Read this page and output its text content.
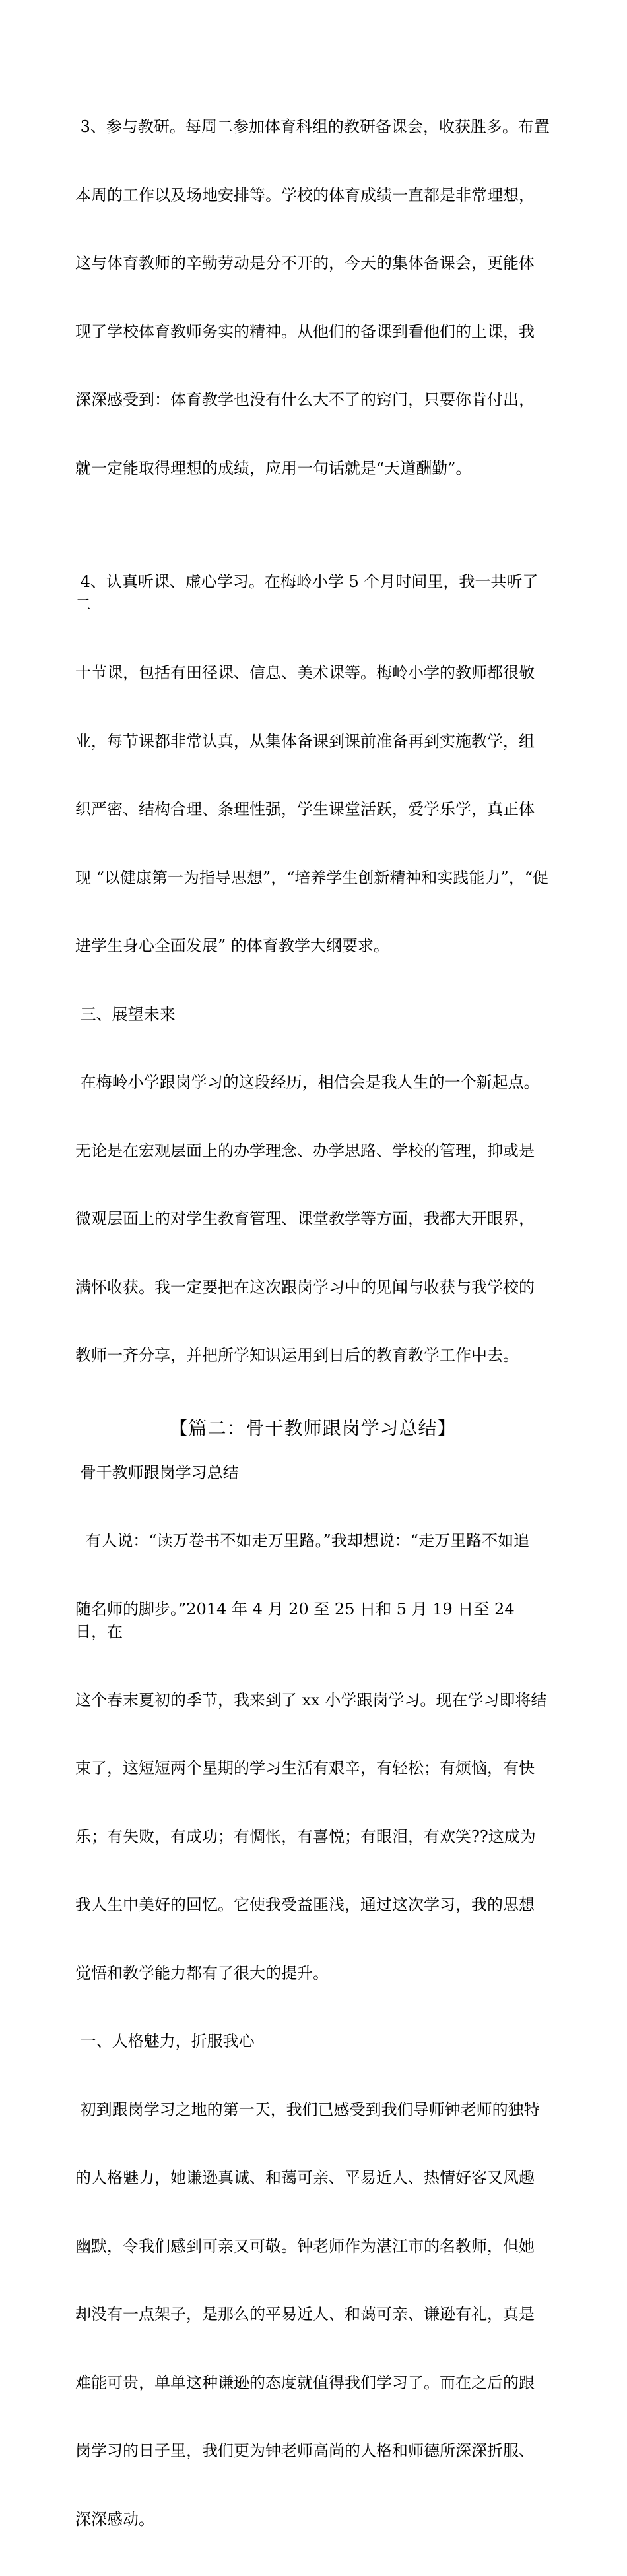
3、参与教研。每周二参加体育科组的教研备课会，收获胜多。布置

本周的工作以及场地安排等。学校的体育成绩一直都是非常理想，

这与体育教师的辛勤劳动是分不开的，今天的集体备课会，更能体

现了学校体育教师务实的精神。从他们的备课到看他们的上课，我

深深感受到：体育教学也没有什么大不了的窍门，只要你肯付出，

就一定能取得理想的成绩，应用一句话就是“天道酬勤”。

4、认真听课、虚心学习。在梅岭小学 5 个月时间里，我一共听了二

十节课，包括有田径课、信息、美术课等。梅岭小学的教师都很敬

业，每节课都非常认真，从集体备课到课前准备再到实施教学，组

织严密、结构合理、条理性强，学生课堂活跃，爱学乐学，真正体

现 “以健康第一为指导思想”，“培养学生创新精神和实践能力”，“促

进学生身心全面发展” 的体育教学大纲要求。

三、展望未来

在梅岭小学跟岗学习的这段经历，相信会是我人生的一个新起点。

无论是在宏观层面上的办学理念、办学思路、学校的管理，抑或是

微观层面上的对学生教育管理、课堂教学等方面，我都大开眼界，

满怀收获。我一定要把在这次跟岗学习中的见闻与收获与我学校的

教师一齐分享，并把所学知识运用到日后的教育教学工作中去。

【篇二：骨干教师跟岗学习总结】
骨干教师跟岗学习总结

有人说：“读万卷书不如走万里路。”我却想说：“走万里路不如追

随名师的脚步。”2014 年 4 月 20 至 25 日和 5 月 19 日至 24 日，在

这个春末夏初的季节，我来到了 xx 小学跟岗学习。现在学习即将结

束了，这短短两个星期的学习生活有艰辛，有轻松；有烦恼，有快

乐；有失败，有成功；有惆怅，有喜悦；有眼泪，有欢笑??这成为

我人生中美好的回忆。它使我受益匪浅，通过这次学习，我的思想

觉悟和教学能力都有了很大的提升。

一、人格魅力，折服我心

初到跟岗学习之地的第一天，我们已感受到我们导师钟老师的独特

的人格魅力，她谦逊真诚、和蔼可亲、平易近人、热情好客又风趣

幽默，令我们感到可亲又可敬。钟老师作为湛江市的名教师，但她

却没有一点架子，是那么的平易近人、和蔼可亲、谦逊有礼，真是

难能可贵，单单这种谦逊的态度就值得我们学习了。而在之后的跟

岗学习的日子里，我们更为钟老师高尚的人格和师德所深深折服、

深深感动。
